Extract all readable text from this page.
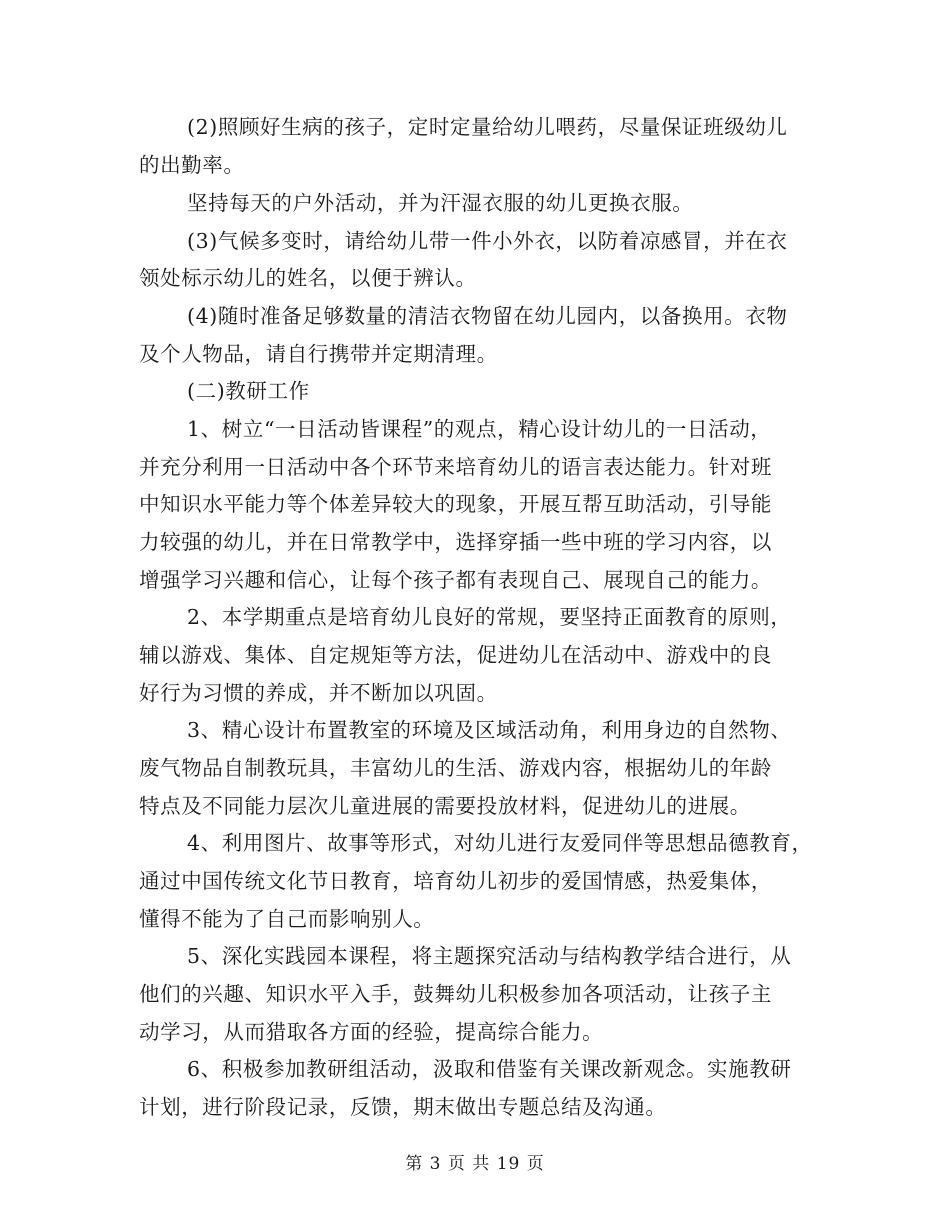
(2)照顾好生病的孩子，定时定量给幼儿喂药，尽量保证班级幼儿
的出勤率。
坚持每天的户外活动，并为汗湿衣服的幼儿更换衣服。
(3)气候多变时，请给幼儿带一件小外衣，以防着凉感冒，并在衣
领处标示幼儿的姓名，以便于辨认。
(4)随时准备足够数量的清洁衣物留在幼儿园内，以备换用。衣物
及个人物品，请自行携带并定期清理。
(二)教研工作
1、树立“一日活动皆课程”的观点，精心设计幼儿的一日活动，
并充分利用一日活动中各个环节来培育幼儿的语言表达能力。针对班
中知识水平能力等个体差异较大的现象，开展互帮互助活动，引导能
力较强的幼儿，并在日常教学中，选择穿插一些中班的学习内容，以
增强学习兴趣和信心，让每个孩子都有表现自己、展现自己的能力。
2、本学期重点是培育幼儿良好的常规，要坚持正面教育的原则，
辅以游戏、集体、自定规矩等方法，促进幼儿在活动中、游戏中的良
好行为习惯的养成，并不断加以巩固。
3、精心设计布置教室的环境及区域活动角，利用身边的自然物、
废气物品自制教玩具，丰富幼儿的生活、游戏内容，根据幼儿的年龄
特点及不同能力层次儿童进展的需要投放材料，促进幼儿的进展。
4、利用图片、故事等形式，对幼儿进行友爱同伴等思想品德教育，
通过中国传统文化节日教育，培育幼儿初步的爱国情感，热爱集体，
懂得不能为了自己而影响别人。
5、深化实践园本课程，将主题探究活动与结构教学结合进行，从
他们的兴趣、知识水平入手，鼓舞幼儿积极参加各项活动，让孩子主
动学习，从而猎取各方面的经验，提高综合能力。
6、积极参加教研组活动，汲取和借鉴有关课改新观念。实施教研
计划，进行阶段记录，反馈，期末做出专题总结及沟通。
第 3 页 共 19 页
